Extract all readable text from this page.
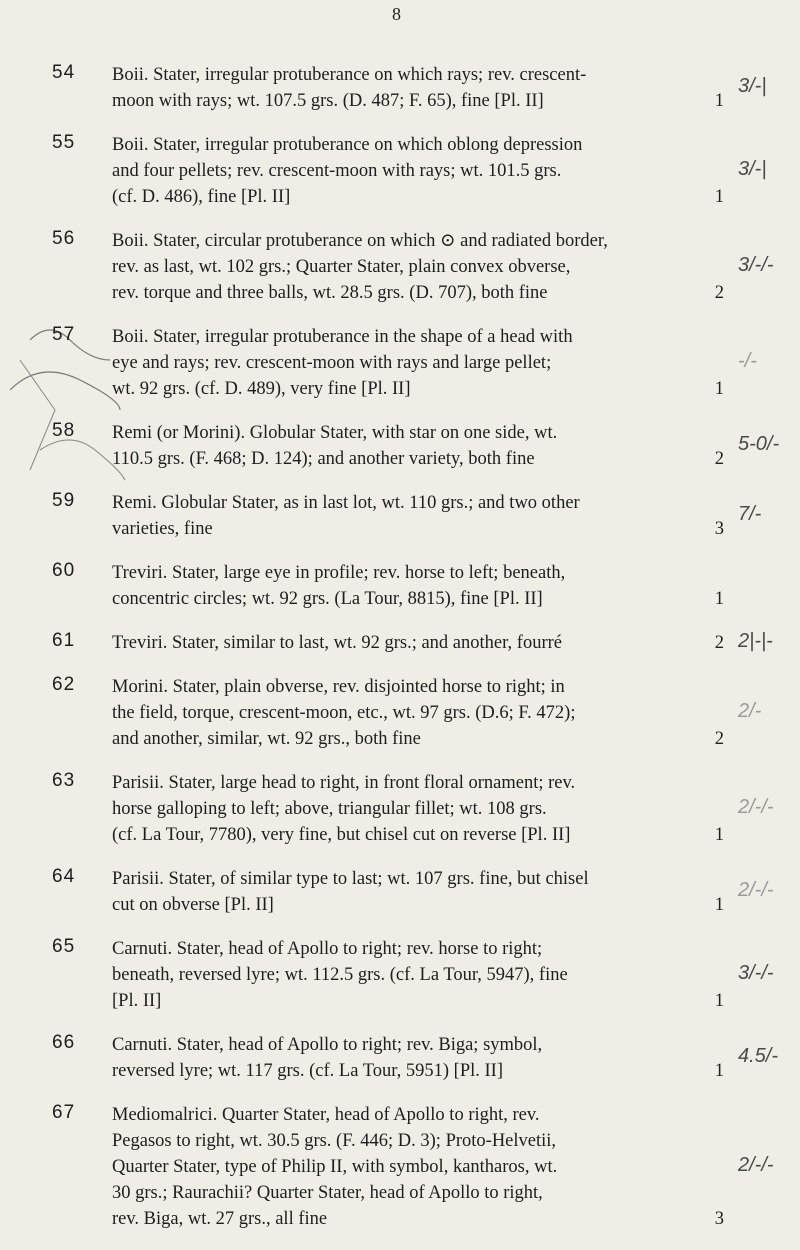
8
54 Boii. Stater, irregular protuberance on which rays; rev. crescent-
moon with rays; wt. 107.5 grs. (D. 487; F. 65), fine [Pl. II]	1
3/-|
55 Boii. Stater, irregular protuberance on which oblong depression
and four pellets; rev. crescent-moon with rays; wt. 101.5 grs.
(cf. D. 486), fine [Pl. II]	1
3/-|
56 Boii. Stater, circular protuberance on which ⊙ and radiated border,
rev. as last, wt. 102 grs.; Quarter Stater, plain convex obverse,
rev. torque and three balls, wt. 28.5 grs. (D. 707), both fine	2
3/-/-
57 Boii. Stater, irregular protuberance in the shape of a head with
eye and rays; rev. crescent-moon with rays and large pellet;
wt. 92 grs. (cf. D. 489), very fine [Pl. II]	1
-/-
58 Remi (or Morini). Globular Stater, with star on one side, wt.
110.5 grs. (F. 468; D. 124); and another variety, both fine	2
5-0/-
59 Remi. Globular Stater, as in last lot, wt. 110 grs.; and two other
varieties, fine	3
7/-
60 Treviri. Stater, large eye in profile; rev. horse to left; beneath,
concentric circles; wt. 92 grs. (La Tour, 8815), fine [Pl. II]	1
61 Treviri. Stater, similar to last, wt. 92 grs.; and another, fourré	2 2|-|-
62 Morini. Stater, plain obverse, rev. disjointed horse to right; in
the field, torque, crescent-moon, etc., wt. 97 grs. (D.6; F. 472);
and another, similar, wt. 92 grs., both fine	2
2/-
63 Parisii. Stater, large head to right, in front floral ornament; rev.
horse galloping to left; above, triangular fillet; wt. 108 grs.
(cf. La Tour, 7780), very fine, but chisel cut on reverse [Pl. II]	1
2/-/-
64 Parisii. Stater, of similar type to last; wt. 107 grs. fine, but chisel
cut on obverse [Pl. II]	1
2/-/-
65 Carnuti. Stater, head of Apollo to right; rev. horse to right;
beneath, reversed lyre; wt. 112.5 grs. (cf. La Tour, 5947), fine
[Pl. II]	1
3/-/-
66 Carnuti. Stater, head of Apollo to right; rev. Biga; symbol,
reversed lyre; wt. 117 grs. (cf. La Tour, 5951) [Pl. II]	1
4.5/-
67 Mediomalrici. Quarter Stater, head of Apollo to right, rev.
Pegasos to right, wt. 30.5 grs. (F. 446; D. 3); Proto-Helvetii,
Quarter Stater, type of Philip II, with symbol, kantharos, wt.
30 grs.; Raurachii? Quarter Stater, head of Apollo to right,
rev. Biga, wt. 27 grs., all fine	3
2/-/-
